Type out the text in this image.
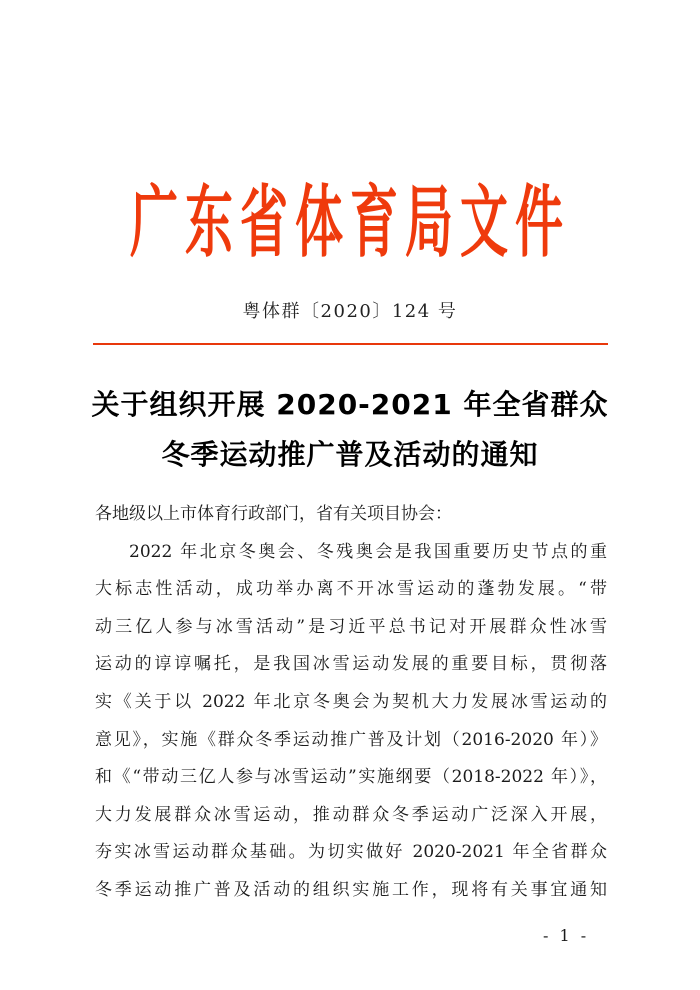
广东省体育局文件
粤体群〔2020〕124 号
关于组织开展 2020-2021 年全省群众
冬季运动推广普及活动的通知
各地级以上市体育行政部门，省有关项目协会：
2022 年北京冬奥会、冬残奥会是我国重要历史节点的重
大标志性活动，成功举办离不开冰雪运动的蓬勃发展。“带
动三亿人参与冰雪活动”是习近平总书记对开展群众性冰雪
运动的谆谆嘱托，是我国冰雪运动发展的重要目标，贯彻落
实《关于以 2022 年北京冬奥会为契机大力发展冰雪运动的
意见》，实施《群众冬季运动推广普及计划（2016-2020 年）》
和《“带动三亿人参与冰雪运动”实施纲要（2018-2022 年）》，
大力发展群众冰雪运动，推动群众冬季运动广泛深入开展，
夯实冰雪运动群众基础。为切实做好 2020-2021 年全省群众
冬季运动推广普及活动的组织实施工作，现将有关事宜通知
- 1 -
